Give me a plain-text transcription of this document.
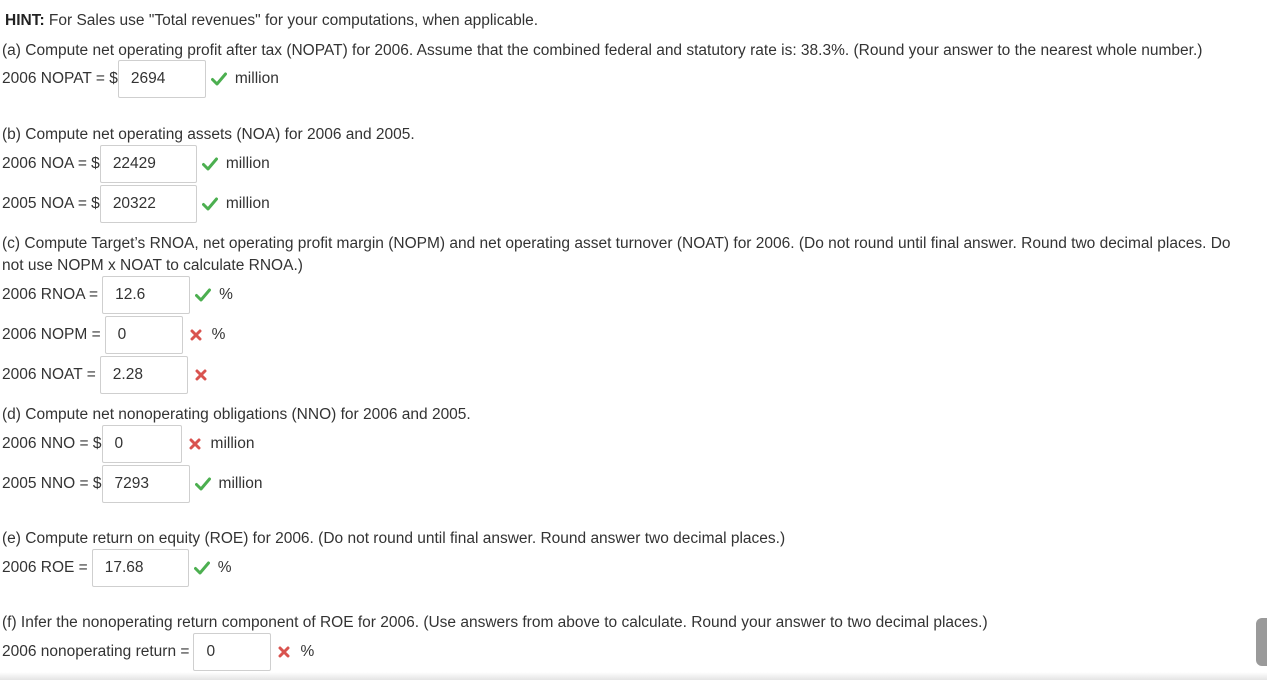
HINT: For Sales use "Total revenues" for your computations, when applicable.
(a) Compute net operating profit after tax (NOPAT) for 2006. Assume that the combined federal and statutory rate is: 38.3%. (Round your answer to the nearest whole number.)
2006 NOPAT = $ 2694	million
(b) Compute net operating assets (NOA) for 2006 and 2005.
2006 NOA = $ 22429	million
2005 NOA = $ 20322	million
(c) Compute Target’s RNOA, net operating profit margin (NOPM) and net operating asset turnover (NOAT) for 2006. (Do not round until final answer. Round two decimal places. Do not use NOPM x NOAT to calculate RNOA.)
2006 RNOA =	12.6	%
2006 NOPM =	0	%
2006 NOAT =	2.28
(d) Compute net nonoperating obligations (NNO) for 2006 and 2005.
2006 NNO = $ 0	million
2005 NNO = $ 7293	million
(e) Compute return on equity (ROE) for 2006. (Do not round until final answer. Round answer two decimal places.)
2006 ROE =	17.68	%
(f) Infer the nonoperating return component of ROE for 2006. (Use answers from above to calculate. Round your answer to two decimal places.)
2006 nonoperating return =	0	%
